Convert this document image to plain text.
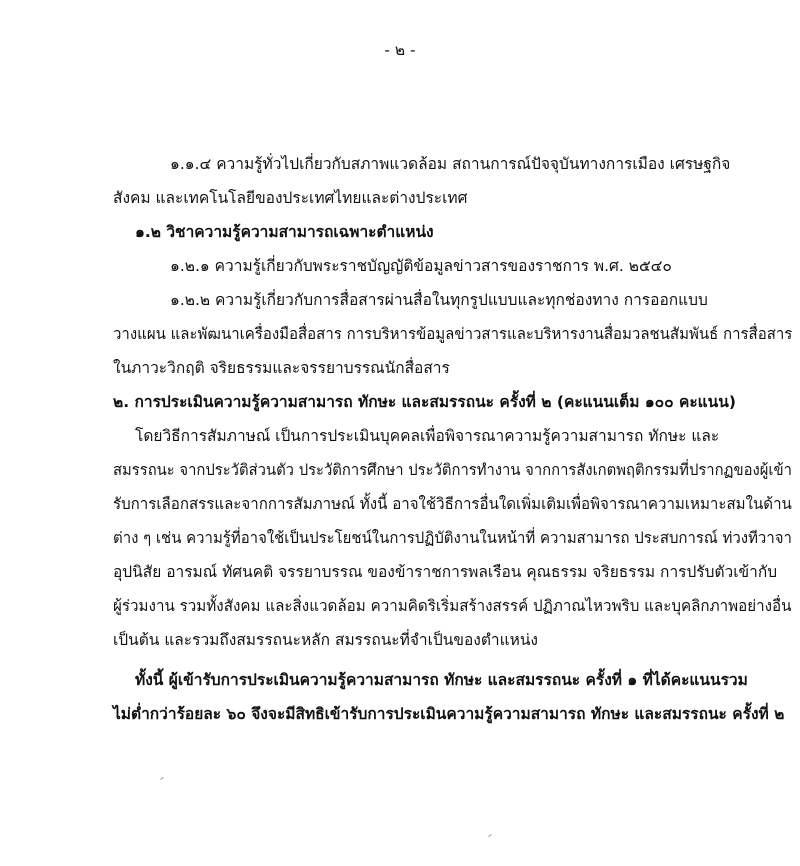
- ๒ -
๑.๑.๔ ความรู้ทั่วไปเกี่ยวกับสภาพแวดล้อม สถานการณ์ปัจจุบันทางการเมือง เศรษฐกิจ
สังคม และเทคโนโลยีของประเทศไทยและต่างประเทศ
๑.๒ วิชาความรู้ความสามารถเฉพาะตำแหน่ง
๑.๒.๑ ความรู้เกี่ยวกับพระราชบัญญัติข้อมูลข่าวสารของราชการ พ.ศ. ๒๕๔๐
๑.๒.๒ ความรู้เกี่ยวกับการสื่อสารผ่านสื่อในทุกรูปแบบและทุกช่องทาง การออกแบบ
วางแผน และพัฒนาเครื่องมือสื่อสาร การบริหารข้อมูลข่าวสารและบริหารงานสื่อมวลชนสัมพันธ์ การสื่อสาร
ในภาวะวิกฤติ จริยธรรมและจรรยาบรรณนักสื่อสาร
๒. การประเมินความรู้ความสามารถ ทักษะ และสมรรถนะ ครั้งที่ ๒ (คะแนนเต็ม ๑๐๐ คะแนน)
โดยวิธีการสัมภาษณ์ เป็นการประเมินบุคคลเพื่อพิจารณาความรู้ความสามารถ ทักษะ และ
สมรรถนะ จากประวัติส่วนตัว ประวัติการศึกษา ประวัติการทำงาน จากการสังเกตพฤติกรรมที่ปรากฏของผู้เข้า
รับการเลือกสรรและจากการสัมภาษณ์ ทั้งนี้ อาจใช้วิธีการอื่นใดเพิ่มเติมเพื่อพิจารณาความเหมาะสมในด้าน
ต่าง ๆ เช่น ความรู้ที่อาจใช้เป็นประโยชน์ในการปฏิบัติงานในหน้าที่ ความสามารถ ประสบการณ์ ท่วงทีวาจา
อุปนิสัย อารมณ์ ทัศนคติ จรรยาบรรณ ของข้าราชการพลเรือน คุณธรรม จริยธรรม การปรับตัวเข้ากับ
ผู้ร่วมงาน รวมทั้งสังคม และสิ่งแวดล้อม ความคิดริเริ่มสร้างสรรค์ ปฏิภาณไหวพริบ และบุคลิกภาพอย่างอื่น
เป็นต้น และรวมถึงสมรรถนะหลัก สมรรถนะที่จำเป็นของตำแหน่ง
ทั้งนี้ ผู้เข้ารับการประเมินความรู้ความสามารถ ทักษะ และสมรรถนะ ครั้งที่ ๑ ที่ได้คะแนนรวม
ไม่ต่ำกว่าร้อยละ ๖๐ จึงจะมีสิทธิเข้ารับการประเมินความรู้ความสามารถ ทักษะ และสมรรถนะ ครั้งที่ ๒
